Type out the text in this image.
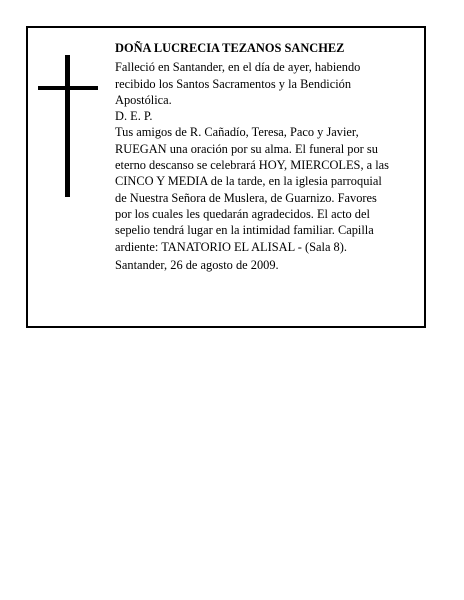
DOÑA LUCRECIA TEZANOS SANCHEZ
Falleció en Santander, en el día de ayer, habiendo
recibido los Santos Sacramentos y la Bendición
Apostólica.
D. E. P.
Tus amigos de R. Cañadío, Teresa, Paco y Javier,
RUEGAN una oración por su alma. El funeral por su
eterno descanso se celebrará HOY, MIERCOLES, a las
CINCO Y MEDIA de la tarde, en la iglesia parroquial
de Nuestra Señora de Muslera, de Guarnizo. Favores
por los cuales les quedarán agradecidos. El acto del
sepelio tendrá lugar en la intimidad familiar. Capilla
ardiente: TANATORIO EL ALISAL - (Sala 8).
Santander, 26 de agosto de 2009.
